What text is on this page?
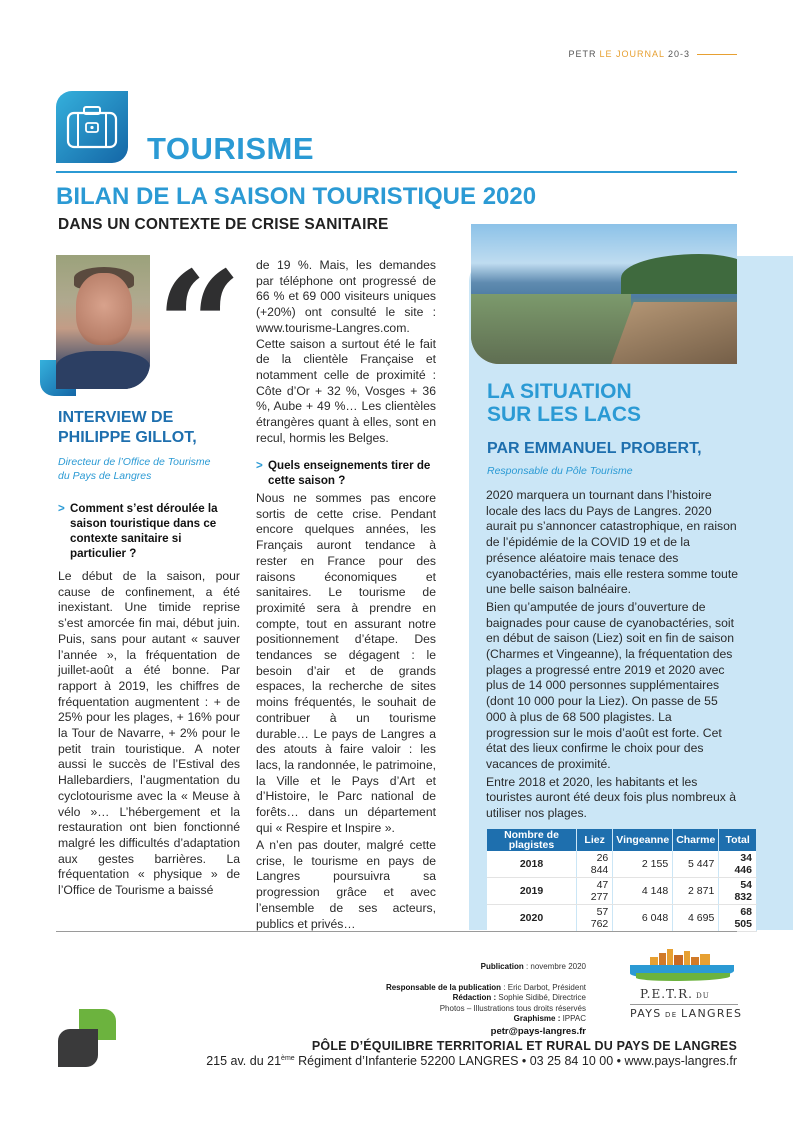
PETR LE JOURNAL 20-3
TOURISME
BILAN DE LA SAISON TOURISTIQUE 2020
DANS UN CONTEXTE DE CRISE SANITAIRE
“
INTERVIEW DE
PHILIPPE GILLOT,
Directeur de l’Office de Tourisme
du Pays de Langres
> Comment s’est déroulée la saison touristique dans ce contexte sanitaire si particulier ?
Le début de la saison, pour cause de confinement, a été inexistant. Une timide reprise s’est amorcée fin mai, début juin. Puis, sans pour autant « sauver l’année », la fréquentation de juillet-août a été bonne. Par rapport à 2019, les chiffres de fréquentation augmentent : + de 25% pour les plages, + 16% pour la Tour de Navarre, + 2% pour le petit train touristique. A noter aussi le succès de l’Estival des Hallebardiers, l’augmentation du cyclotourisme avec la « Meuse à vélo »… L’hébergement et la restauration ont bien fonctionné malgré les difficultés d’adaptation aux gestes barrières. La fréquentation « physique » de l’Office de Tourisme a baissé
de 19 %. Mais, les demandes par téléphone ont progressé de 66 % et 69 000 visiteurs uniques (+20%) ont consulté le site : www.tourisme-Langres.com. Cette saison a surtout été le fait de la clientèle Française et notamment celle de proximité : Côte d’Or + 32 %, Vosges + 36 %, Aube + 49 %… Les clientèles étrangères quant à elles, sont en recul, hormis les Belges.
> Quels enseignements tirer de cette saison ?
Nous ne sommes pas encore sortis de cette crise. Pendant encore quelques années, les Français auront tendance à rester en France pour des raisons économiques et sanitaires. Le tourisme de proximité sera à prendre en compte, tout en assurant notre positionnement d’étape. Des tendances se dégagent : le besoin d’air et de grands espaces, la recherche de sites moins fréquentés, le souhait de contribuer à un tourisme durable… Le pays de Langres a des atouts à faire valoir : les lacs, la randonnée, le patrimoine, la Ville et le Pays d’Art et d’Histoire, le Parc national de forêts… dans un département qui « Respire et Inspire ».
A n’en pas douter, malgré cette crise, le tourisme en pays de Langres poursuivra sa progression grâce et avec l’ensemble de ses acteurs, publics et privés…
LA SITUATION
SUR LES LACS
PAR EMMANUEL PROBERT,
Responsable du Pôle Tourisme

2020 marquera un tournant dans l’histoire locale des lacs du Pays de Langres. 2020 aurait pu s’annoncer catastrophique, en raison de l’épidémie de la COVID 19 et de la présence aléatoire mais tenace des cyanobactéries, mais elle restera somme toute une belle saison balnéaire.

Bien qu’amputée de jours d’ouverture de baignades pour cause de cyanobactéries, soit en début de saison (Liez) soit en fin de saison (Charmes et Vingeanne), la fréquentation des plages a progressé entre 2019 et 2020 avec plus de 14 000 personnes supplémentaires (dont 10 000 pour la Liez). On passe de 55 000 à plus de 68 500 plagistes. La progression sur le mois d’août est forte. Cet état des lieux confirme le choix pour des vacances de proximité.

Entre 2018 et 2020, les habitants et les touristes auront été deux fois plus nombreux à utiliser nos plages.

Nombre de plagistes	Liez	Vingeanne	Charme	Total
2018	26 844	2 155	5 447	34 446
2019	47 277	4 148	2 871	54 832
2020	57 762	6 048	4 695	68 505
Publication : novembre 2020
Responsable de la publication : Eric Darbot, Président
Rédaction : Sophie Sidibé, Directrice
Photos – Illustrations tous droits réservés
Graphisme : IPPAC
petr@pays-langres.fr
P.E.T.R. DU
PAYS DE LANGRES
PÔLE D’ÉQUILIBRE TERRITORIAL ET RURAL DU PAYS DE LANGRES
215 av. du 21ème Régiment d’Infanterie 52200 LANGRES • 03 25 84 10 00 • www.pays-langres.fr
